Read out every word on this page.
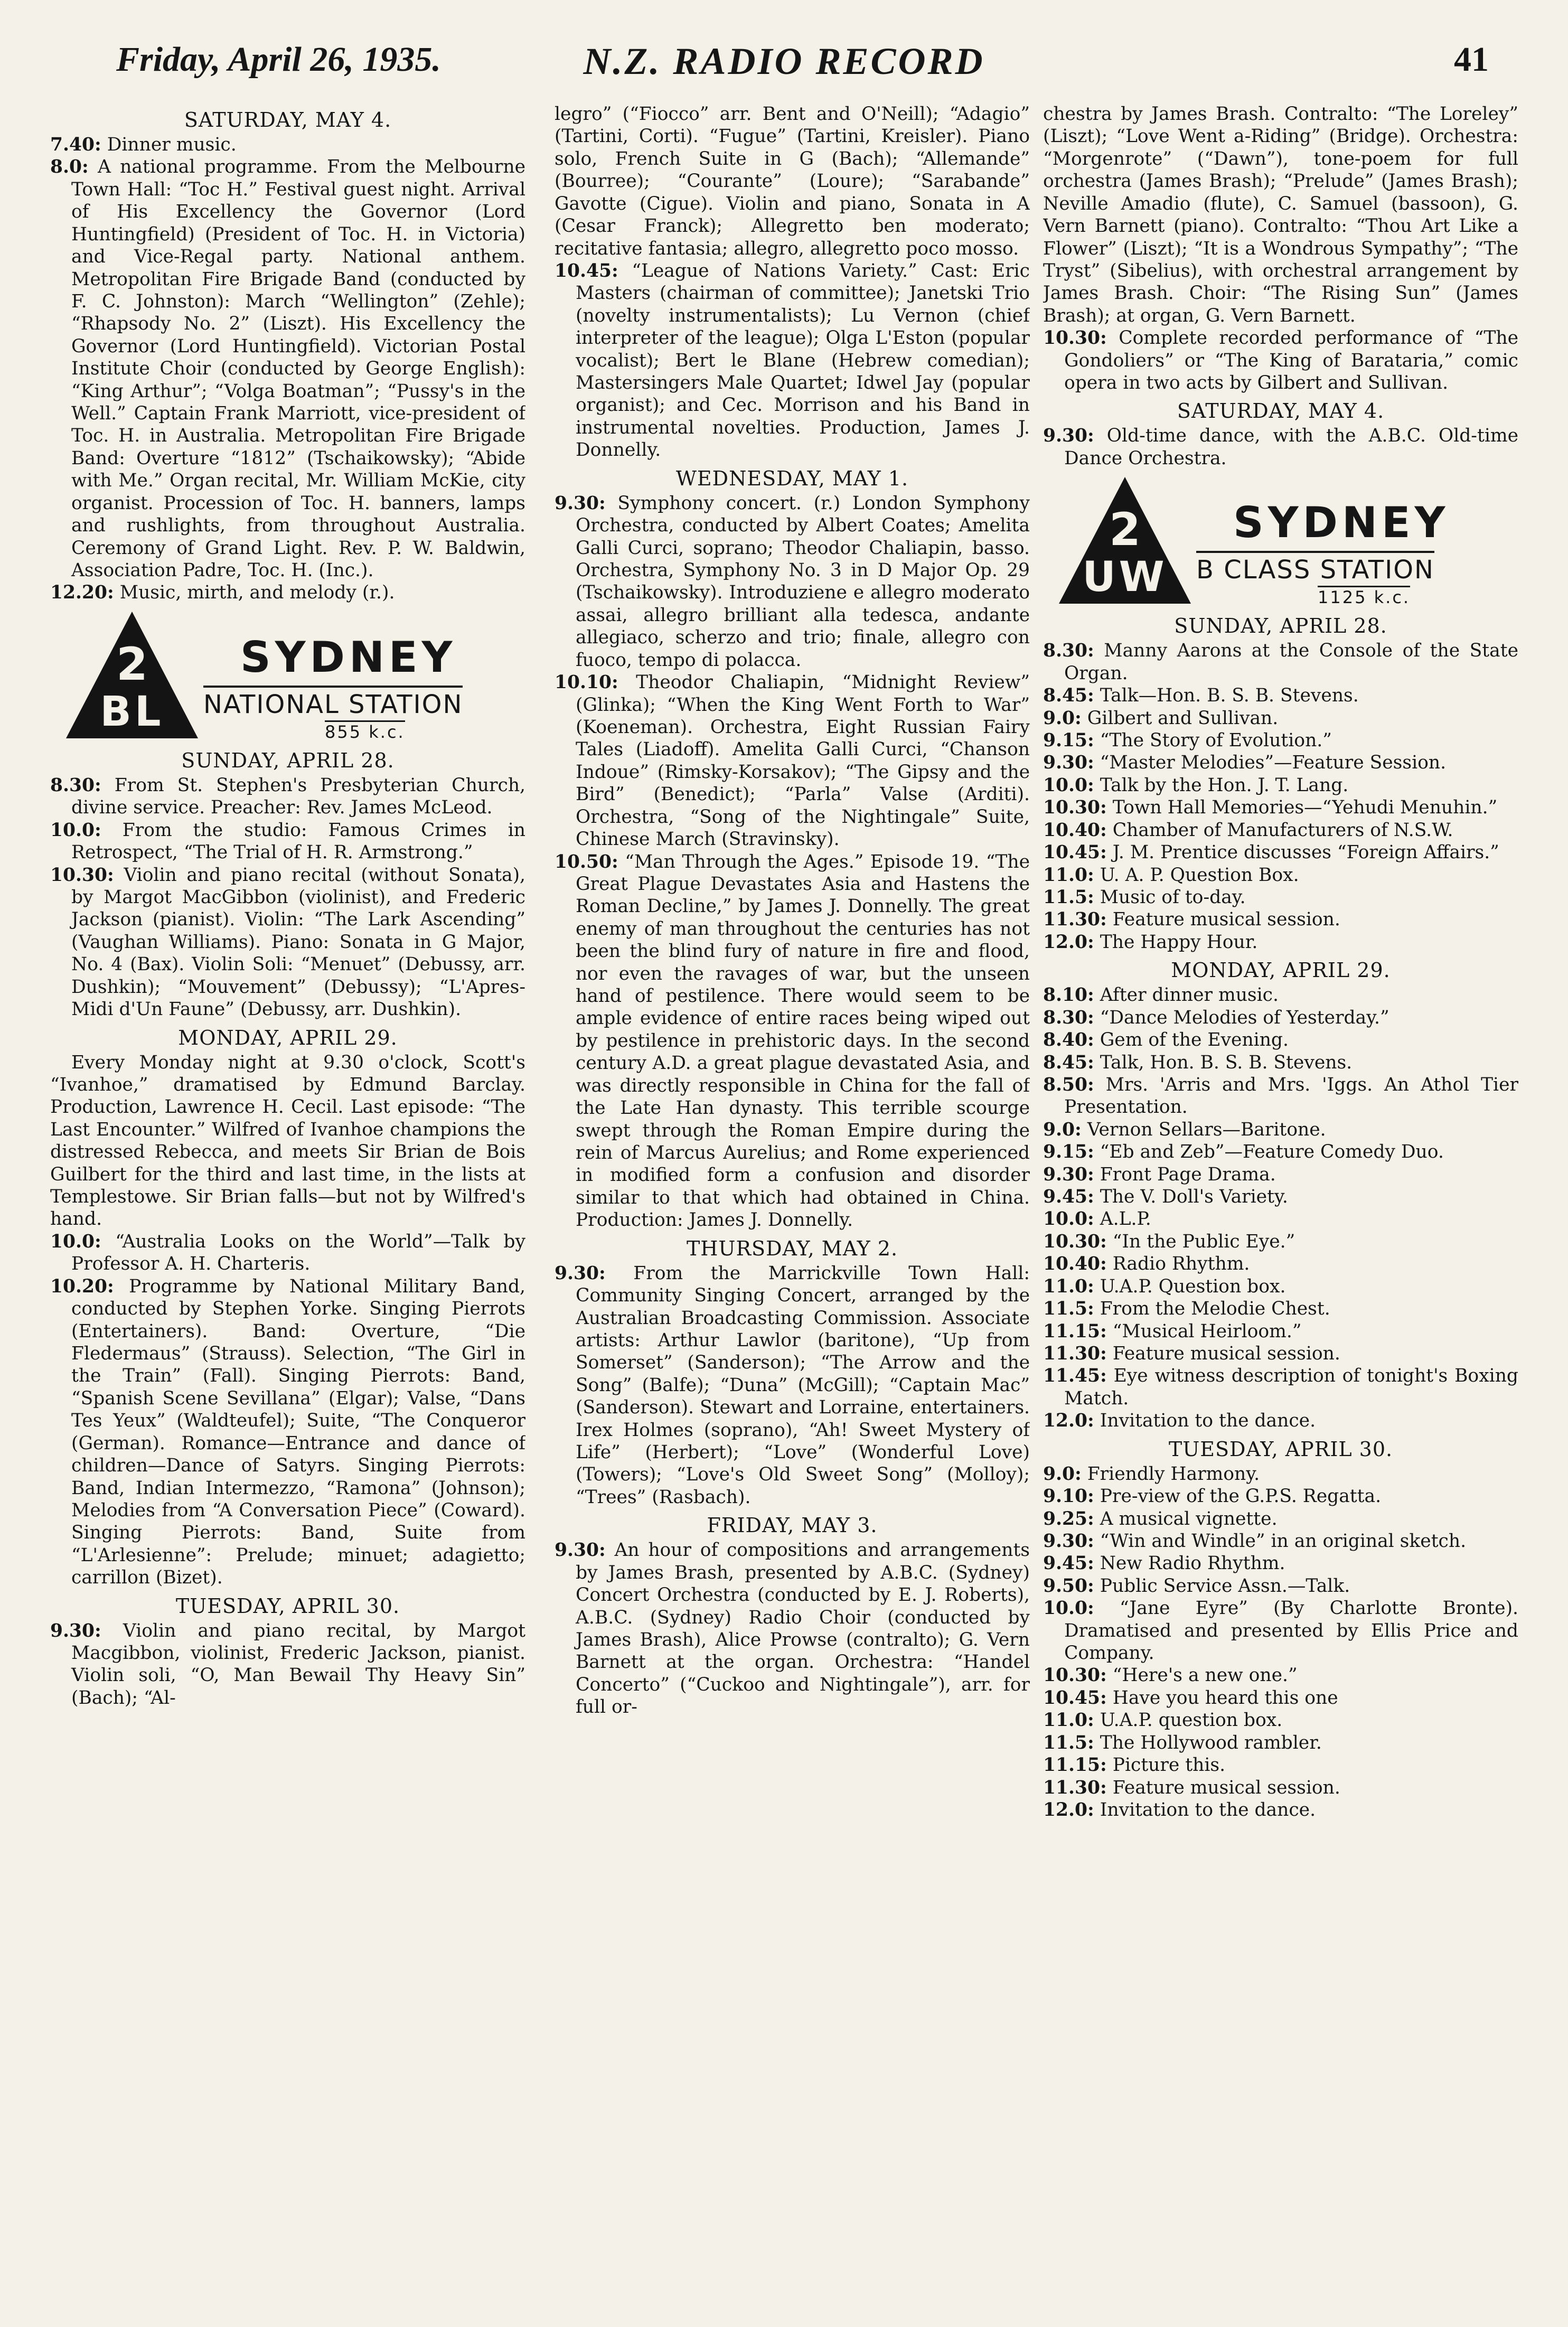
Friday, April 26, 1935.	N.Z. RADIO RECORD	41
SATURDAY, MAY 4.

7.40: Dinner music.

8.0: A national programme. From the Melbourne Town Hall: “Toc H.” Festival guest night. Arrival of His Excellency the Governor (Lord Huntingfield) (President of Toc. H. in Victoria) and Vice-Regal party. National anthem. Metropolitan Fire Brigade Band (conducted by F. C. Johnston): March “Wellington” (Zehle); “Rhapsody No. 2” (Liszt). His Excellency the Governor (Lord Huntingfield). Victorian Postal Institute Choir (conducted by George English): “King Arthur”; “Volga Boatman”; “Pussy's in the Well.” Captain Frank Marriott, vice-president of Toc. H. in Australia. Metropolitan Fire Brigade Band: Overture “1812” (Tschaikowsky); “Abide with Me.” Organ recital, Mr. William McKie, city organist. Procession of Toc. H. banners, lamps and rushlights, from throughout Australia. Ceremony of Grand Light. Rev. P. W. Baldwin, Association Padre, Toc. H. (Inc.).

12.20: Music, mirth, and melody (r.).

2
BL
SYDNEY
NATIONAL STATION
855 k.c.
SUNDAY, APRIL 28.

8.30: From St. Stephen's Presbyterian Church, divine service. Preacher: Rev. James McLeod.

10.0: From the studio: Famous Crimes in Retrospect, “The Trial of H. R. Armstrong.”

10.30: Violin and piano recital (without Sonata), by Margot MacGibbon (violinist), and Frederic Jackson (pianist). Violin: “The Lark Ascending” (Vaughan Williams). Piano: Sonata in G Major, No. 4 (Bax). Violin Soli: “Menuet” (Debussy, arr. Dushkin); “Mouvement” (Debussy); “L'Apres-Midi d'Un Faune” (Debussy, arr. Dushkin).

MONDAY, APRIL 29.

Every Monday night at 9.30 o'clock, Scott's “Ivanhoe,” dramatised by Edmund Barclay. Production, Lawrence H. Cecil. Last episode: “The Last Encounter.” Wilfred of Ivanhoe champions the distressed Rebecca, and meets Sir Brian de Bois Guilbert for the third and last time, in the lists at Templestowe. Sir Brian falls—but not by Wilfred's hand.

10.0: “Australia Looks on the World”—Talk by Professor A. H. Charteris.

10.20: Programme by National Military Band, conducted by Stephen Yorke. Singing Pierrots (Entertainers). Band: Overture, “Die Fledermaus” (Strauss). Selection, “The Girl in the Train” (Fall). Singing Pierrots: Band, “Spanish Scene Sevillana” (Elgar); Valse, “Dans Tes Yeux” (Waldteufel); Suite, “The Conqueror (German). Romance—Entrance and dance of children—Dance of Satyrs. Singing Pierrots: Band, Indian Intermezzo, “Ramona” (Johnson); Melodies from “A Conversation Piece” (Coward). Singing Pierrots: Band, Suite from “L'Arlesienne”: Prelude; minuet; adagietto; carrillon (Bizet).

TUESDAY, APRIL 30.

9.30: Violin and piano recital, by Margot Macgibbon, violinist, Frederic Jackson, pianist. Violin soli, “O, Man Bewail Thy Heavy Sin” (Bach); “Al-

legro” (“Fiocco” arr. Bent and O'Neill); “Adagio” (Tartini, Corti). “Fugue” (Tartini, Kreisler). Piano solo, French Suite in G (Bach); “Allemande” (Bourree); “Courante” (Loure); “Sarabande” Gavotte (Cigue). Violin and piano, Sonata in A (Cesar Franck); Allegretto ben moderato; recitative fantasia; allegro, allegretto poco mosso.

10.45: “League of Nations Variety.” Cast: Eric Masters (chairman of committee); Janetski Trio (novelty instrumentalists); Lu Vernon (chief interpreter of the league); Olga L'Eston (popular vocalist); Bert le Blane (Hebrew comedian); Mastersingers Male Quartet; Idwel Jay (popular organist); and Cec. Morrison and his Band in instrumental novelties. Production, James J. Donnelly.

WEDNESDAY, MAY 1.

9.30: Symphony concert. (r.) London Symphony Orchestra, conducted by Albert Coates; Amelita Galli Curci, soprano; Theodor Chaliapin, basso. Orchestra, Symphony No. 3 in D Major Op. 29 (Tschaikowsky). Introduziene e allegro moderato assai, allegro brilliant alla tedesca, andante allegiaco, scherzo and trio; finale, allegro con fuoco, tempo di polacca.

10.10: Theodor Chaliapin, “Midnight Review” (Glinka); “When the King Went Forth to War” (Koeneman). Orchestra, Eight Russian Fairy Tales (Liadoff). Amelita Galli Curci, “Chanson Indoue” (Rimsky-Korsakov); “The Gipsy and the Bird” (Benedict); “Parla” Valse (Arditi). Orchestra, “Song of the Nightingale” Suite, Chinese March (Stravinsky).

10.50: “Man Through the Ages.” Episode 19. “The Great Plague Devastates Asia and Hastens the Roman Decline,” by James J. Donnelly. The great enemy of man throughout the centuries has not been the blind fury of nature in fire and flood, nor even the ravages of war, but the unseen hand of pestilence. There would seem to be ample evidence of entire races being wiped out by pestilence in prehistoric days. In the second century A.D. a great plague devastated Asia, and was directly responsible in China for the fall of the Late Han dynasty. This terrible scourge swept through the Roman Empire during the rein of Marcus Aurelius; and Rome experienced in modified form a confusion and disorder similar to that which had obtained in China. Production: James J. Donnelly.

THURSDAY, MAY 2.

9.30: From the Marrickville Town Hall: Community Singing Concert, arranged by the Australian Broadcasting Commission. Associate artists: Arthur Lawlor (baritone), “Up from Somerset” (Sanderson); “The Arrow and the Song” (Balfe); “Duna” (McGill); “Captain Mac” (Sanderson). Stewart and Lorraine, entertainers. Irex Holmes (soprano), “Ah! Sweet Mystery of Life” (Herbert); “Love” (Wonderful Love) (Towers); “Love's Old Sweet Song” (Molloy); “Trees” (Rasbach).

FRIDAY, MAY 3.

9.30: An hour of compositions and arrangements by James Brash, presented by A.B.C. (Sydney) Concert Orchestra (conducted by E. J. Roberts), A.B.C. (Sydney) Radio Choir (conducted by James Brash), Alice Prowse (contralto); G. Vern Barnett at the organ. Orchestra: “Handel Concerto” (“Cuckoo and Nightingale”), arr. for full or-

chestra by James Brash. Contralto: “The Loreley” (Liszt); “Love Went a-Riding” (Bridge). Orchestra: “Morgenrote” (“Dawn”), tone-poem for full orchestra (James Brash); “Prelude” (James Brash); Neville Amadio (flute), C. Samuel (bassoon), G. Vern Barnett (piano). Contralto: “Thou Art Like a Flower” (Liszt); “It is a Wondrous Sympathy”; “The Tryst” (Sibelius), with orchestral arrangement by James Brash. Choir: “The Rising Sun” (James Brash); at organ, G. Vern Barnett.

10.30: Complete recorded performance of “The Gondoliers” or “The King of Barataria,” comic opera in two acts by Gilbert and Sullivan.

SATURDAY, MAY 4.

9.30: Old-time dance, with the A.B.C. Old-time Dance Orchestra.

2
UW
SYDNEY
B CLASS STATION
1125 k.c.
SUNDAY, APRIL 28.

8.30: Manny Aarons at the Console of the State Organ.

8.45: Talk—Hon. B. S. B. Stevens.

9.0: Gilbert and Sullivan.

9.15: “The Story of Evolution.”

9.30: “Master Melodies”—Feature Session.

10.0: Talk by the Hon. J. T. Lang.

10.30: Town Hall Memories—“Yehudi Menuhin.”

10.40: Chamber of Manufacturers of N.S.W.

10.45: J. M. Prentice discusses “Foreign Affairs.”

11.0: U. A. P. Question Box.

11.5: Music of to-day.

11.30: Feature musical session.

12.0: The Happy Hour.

MONDAY, APRIL 29.

8.10: After dinner music.

8.30: “Dance Melodies of Yesterday.”

8.40: Gem of the Evening.

8.45: Talk, Hon. B. S. B. Stevens.

8.50: Mrs. 'Arris and Mrs. 'Iggs. An Athol Tier Presentation.

9.0: Vernon Sellars—Baritone.

9.15: “Eb and Zeb”—Feature Comedy Duo.

9.30: Front Page Drama.

9.45: The V. Doll's Variety.

10.0: A.L.P.

10.30: “In the Public Eye.”

10.40: Radio Rhythm.

11.0: U.A.P. Question box.

11.5: From the Melodie Chest.

11.15: “Musical Heirloom.”

11.30: Feature musical session.

11.45: Eye witness description of tonight's Boxing Match.

12.0: Invitation to the dance.

TUESDAY, APRIL 30.

9.0: Friendly Harmony.

9.10: Pre-view of the G.P.S. Regatta.

9.25: A musical vignette.

9.30: “Win and Windle” in an original sketch.

9.45: New Radio Rhythm.

9.50: Public Service Assn.—Talk.

10.0: “Jane Eyre” (By Charlotte Bronte). Dramatised and presented by Ellis Price and Company.

10.30: “Here's a new one.”

10.45: Have you heard this one

11.0: U.A.P. question box.

11.5: The Hollywood rambler.

11.15: Picture this.

11.30: Feature musical session.

12.0: Invitation to the dance.
